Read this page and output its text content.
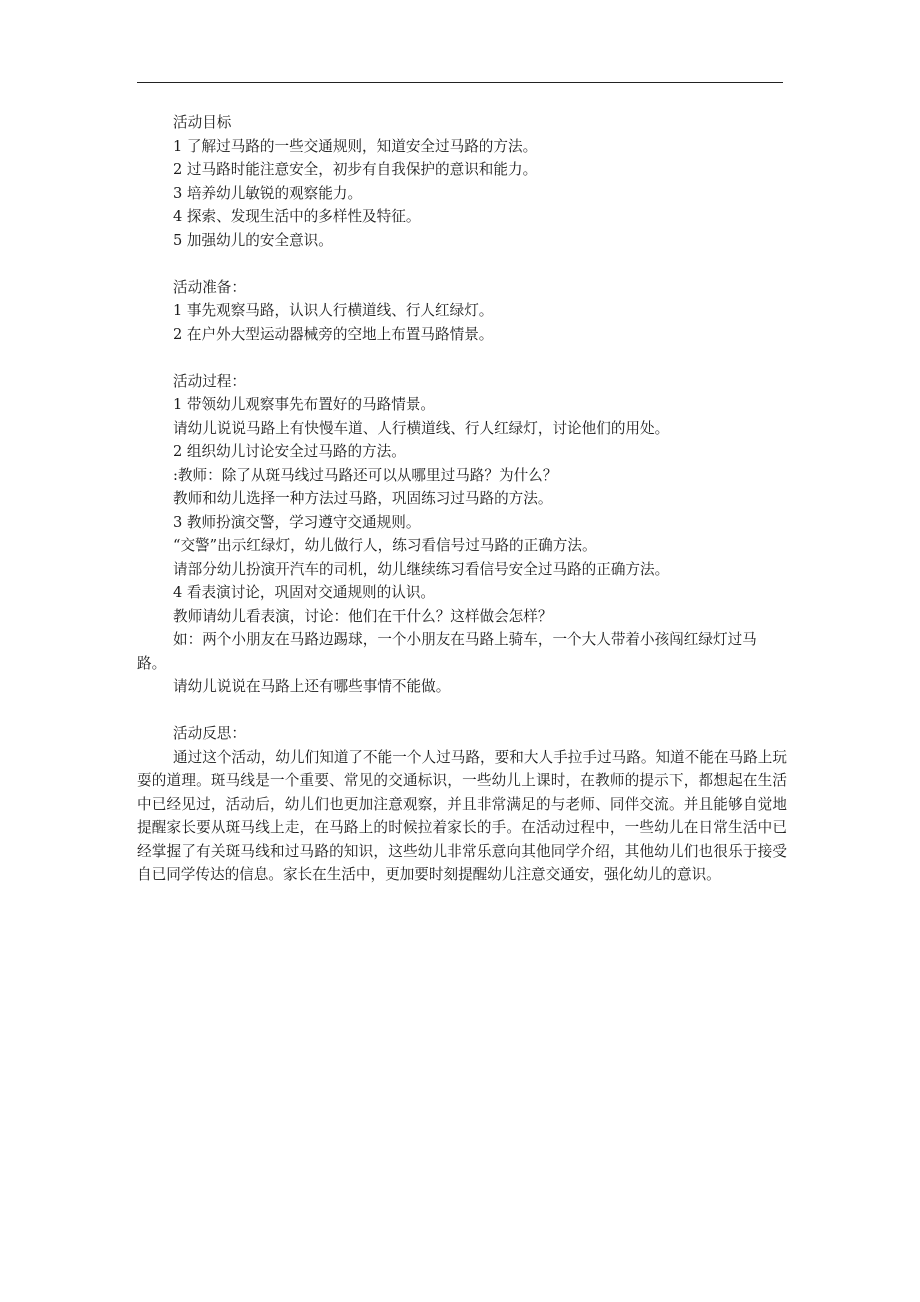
活动目标

1 了解过马路的一些交通规则，知道安全过马路的方法。

2 过马路时能注意安全，初步有自我保护的意识和能力。

3 培养幼儿敏锐的观察能力。

4 探索、发现生活中的多样性及特征。

5 加强幼儿的安全意识。

活动准备：

1 事先观察马路，认识人行横道线、行人红绿灯。

2 在户外大型运动器械旁的空地上布置马路情景。

活动过程：

1 带领幼儿观察事先布置好的马路情景。

请幼儿说说马路上有快慢车道、人行横道线、行人红绿灯，讨论他们的用处。

2 组织幼儿讨论安全过马路的方法。

:教师：除了从斑马线过马路还可以从哪里过马路？为什么？

教师和幼儿选择一种方法过马路，巩固练习过马路的方法。

3 教师扮演交警，学习遵守交通规则。

“交警”出示红绿灯，幼儿做行人，练习看信号过马路的正确方法。

请部分幼儿扮演开汽车的司机，幼儿继续练习看信号安全过马路的正确方法。

4 看表演讨论，巩固对交通规则的认识。

教师请幼儿看表演，讨论：他们在干什么？这样做会怎样？

如：两个小朋友在马路边踢球，一个小朋友在马路上骑车，一个大人带着小孩闯红绿灯过马路。

请幼儿说说在马路上还有哪些事情不能做。

活动反思：

通过这个活动，幼儿们知道了不能一个人过马路，要和大人手拉手过马路。知道不能在马路上玩耍的道理。斑马线是一个重要、常见的交通标识，一些幼儿上课时，在教师的提示下，都想起在生活中已经见过，活动后，幼儿们也更加注意观察，并且非常满足的与老师、同伴交流。并且能够自觉地提醒家长要从斑马线上走，在马路上的时候拉着家长的手。在活动过程中，一些幼儿在日常生活中已经掌握了有关斑马线和过马路的知识，这些幼儿非常乐意向其他同学介绍，其他幼儿们也很乐于接受自已同学传达的信息。家长在生活中，更加要时刻提醒幼儿注意交通安，强化幼儿的意识。
